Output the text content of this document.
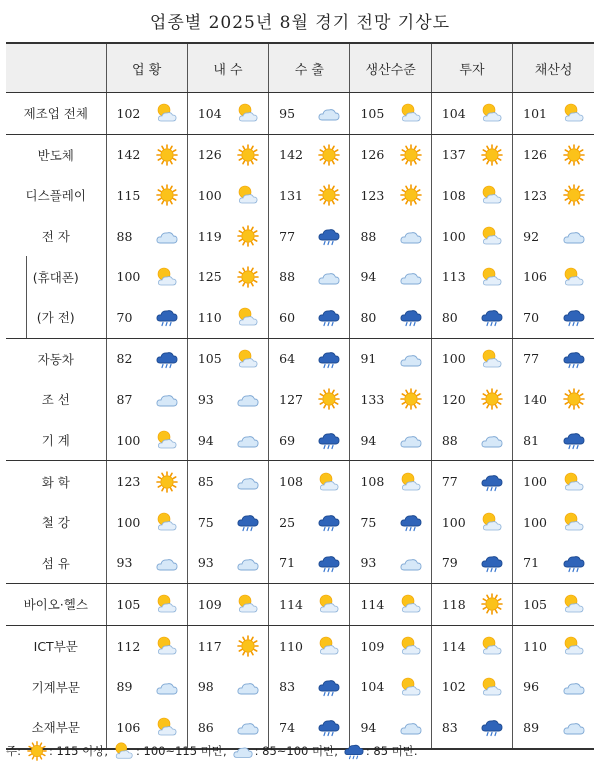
업종별 2025년 8월 경기 전망 기상도
	업 황	내 수	수 출	생산수준	투자	채산성
제조업 전체	102	104	95	105	104	101

반도체	142	126	142	126	137	126

디스플레이	115	100	131	123	108	123

전 자	88	119	77	88	100	92

(휴대폰)	100	125	88	94	113	106

(가 전)	70	110	60	80	80	70

자동차	82	105	64	91	100	77

조 선	87	93	127	133	120	140

기 계	100	94	69	94	88	81

화 학	123	85	108	108	77	100

철 강	100	75	25	75	100	100

섬 유	93	93	71	93	79	71

바이오·헬스	105	109	114	114	118	105

ICT부문	112	117	110	109	114	110

기계부문	89	98	83	104	102	96

소재부문	106	86	74	94	83	89
주: : 115 이상, : 100~115 미만, : 85~100 미만, : 85 미만.
